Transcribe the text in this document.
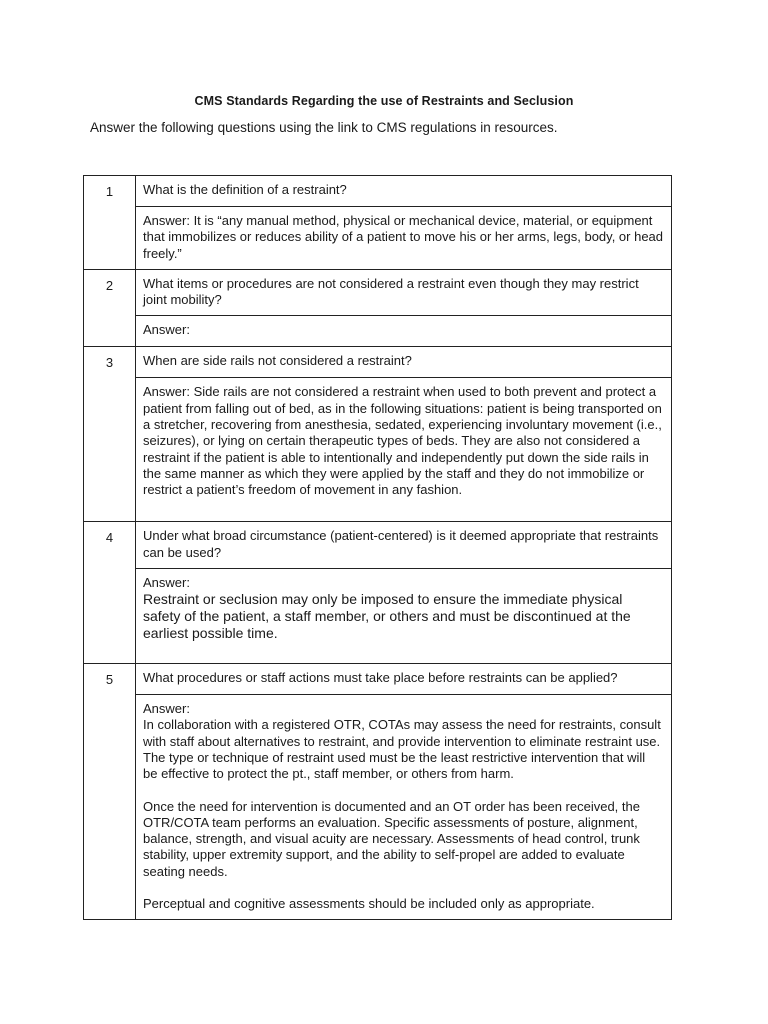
CMS Standards Regarding the use of Restraints and Seclusion
Answer the following questions using the link to CMS regulations in resources.
1	What is the definition of a restraint?
	Answer: It is “any manual method, physical or mechanical device, material, or equipment that immobilizes or reduces ability of a patient to move his or her arms, legs, body, or head freely.”
2	What items or procedures are not considered a restraint even though they may restrict joint mobility?
	Answer:
3	When are side rails not considered a restraint?
	Answer: Side rails are not considered a restraint when used to both prevent and protect a patient from falling out of bed, as in the following situations: patient is being transported on a stretcher, recovering from anesthesia, sedated, experiencing involuntary movement (i.e., seizures), or lying on certain therapeutic types of beds. They are also not considered a restraint if the patient is able to intentionally and independently put down the side rails in the same manner as which they were applied by the staff and they do not immobilize or restrict a patient’s freedom of movement in any fashion.
4	Under what broad circumstance (patient-centered) is it deemed appropriate that restraints can be used?

	Answer:
Restraint or seclusion may only be imposed to ensure the immediate physical safety of the patient, a staff member, or others and must be discontinued at the earliest possible time.

5	What procedures or staff actions must take place before restraints can be applied?

	Answer:
In collaboration with a registered OTR, COTAs may assess the need for restraints, consult with staff about alternatives to restraint, and provide intervention to eliminate restraint use. The type or technique of restraint used must be the least restrictive intervention that will be effective to protect the pt., staff member, or others from harm.
Once the need for intervention is documented and an OT order has been received, the OTR/COTA team performs an evaluation. Specific assessments of posture, alignment, balance, strength, and visual acuity are necessary. Assessments of head control, trunk stability, upper extremity support, and the ability to self-propel are added to evaluate seating needs.
Perceptual and cognitive assessments should be included only as appropriate.
